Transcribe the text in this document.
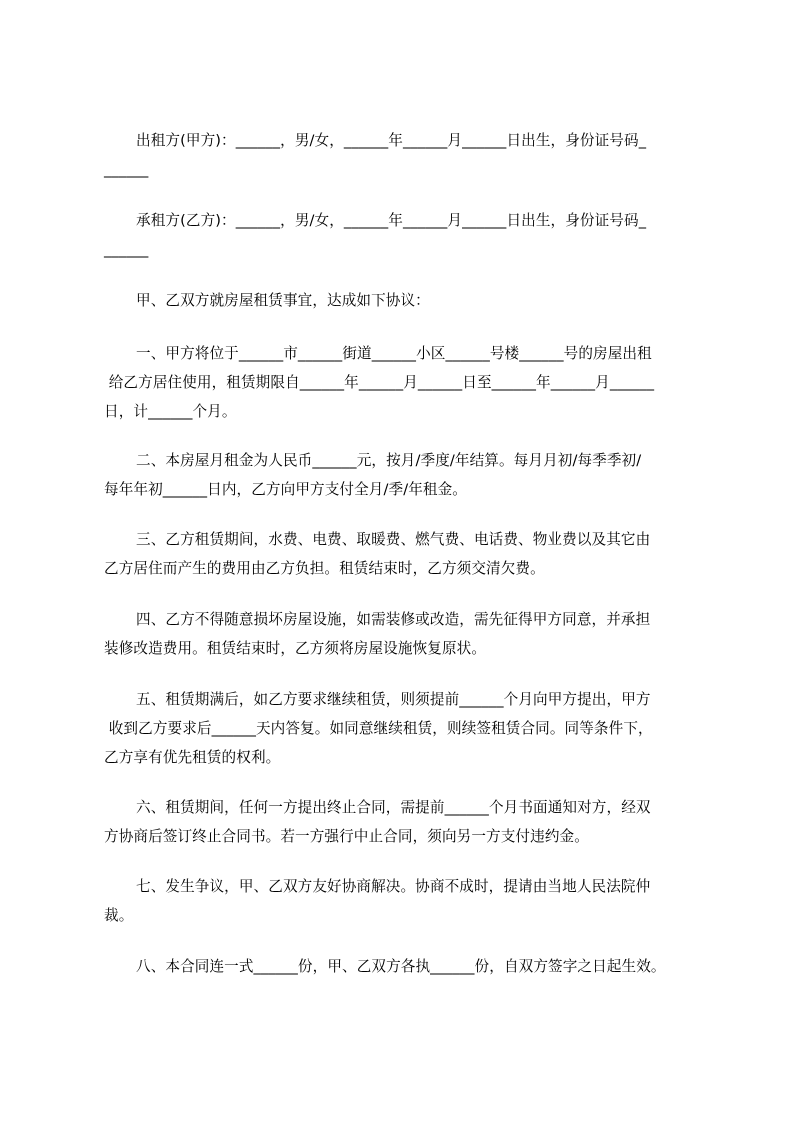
出租方(甲方)：______，男/女，______年______月______日出生，身份证号码_
______
承租方(乙方)：______，男/女，______年______月______日出生，身份证号码_
______
甲、乙双方就房屋租赁事宜，达成如下协议：
一、甲方将位于______市______街道______小区______号楼______号的房屋出租
给乙方居住使用，租赁期限自______年______月______日至______年______月______
日，计______个月。
二、本房屋月租金为人民币______元，按月/季度/年结算。每月月初/每季季初/
每年年初______日内，乙方向甲方支付全月/季/年租金。
三、乙方租赁期间，水费、电费、取暖费、燃气费、电话费、物业费以及其它由
乙方居住而产生的费用由乙方负担。租赁结束时，乙方须交清欠费。
四、乙方不得随意损坏房屋设施，如需装修或改造，需先征得甲方同意，并承担
装修改造费用。租赁结束时，乙方须将房屋设施恢复原状。
五、租赁期满后，如乙方要求继续租赁，则须提前______个月向甲方提出，甲方
收到乙方要求后______天内答复。如同意继续租赁，则续签租赁合同。同等条件下，
乙方享有优先租赁的权利。
六、租赁期间，任何一方提出终止合同，需提前______个月书面通知对方，经双
方协商后签订终止合同书。若一方强行中止合同，须向另一方支付违约金。
七、发生争议，甲、乙双方友好协商解决。协商不成时，提请由当地人民法院仲
裁。
八、本合同连一式______份，甲、乙双方各执______份，自双方签字之日起生效。
